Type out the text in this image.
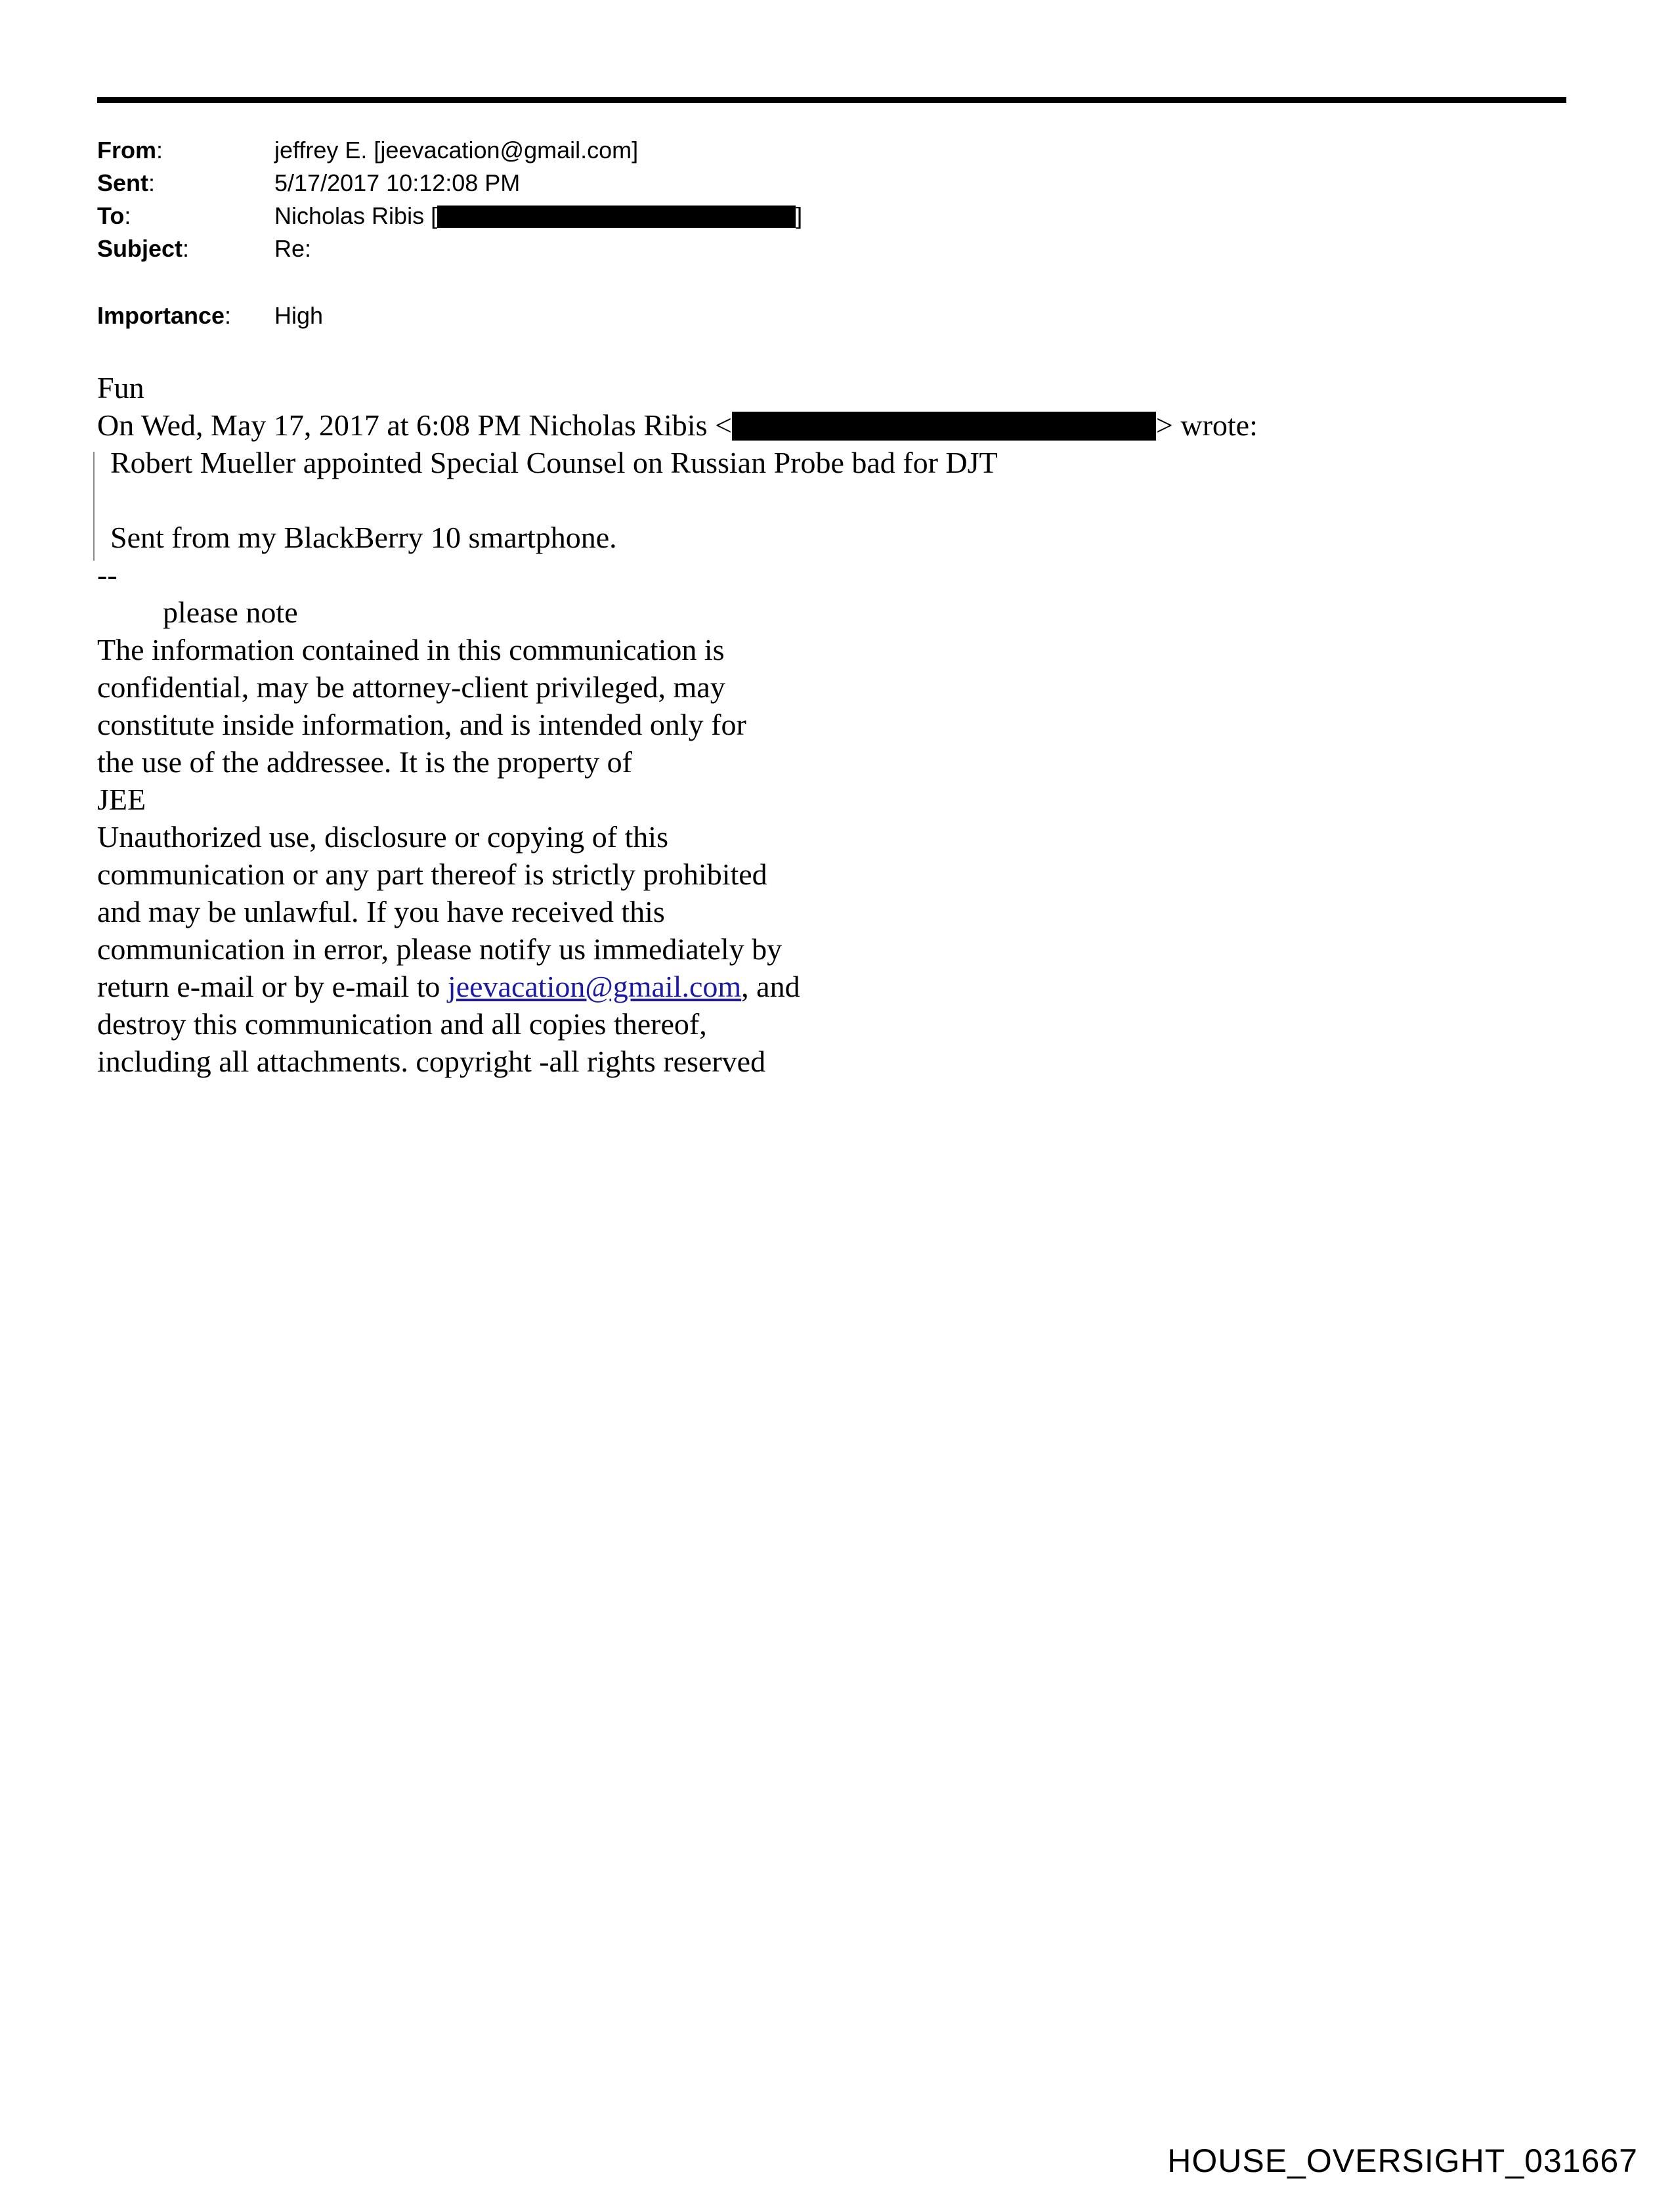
From:	jeffrey E. [jeevacation@gmail.com]
Sent:	5/17/2017 10:12:08 PM
To:	Nicholas Ribis [	]
Subject:	Re:
Importance:	High
Fun
On Wed, May 17, 2017 at 6:08 PM Nicholas Ribis <	> wrote:
Robert Mueller appointed Special Counsel on Russian Probe bad for DJT
Sent from my BlackBerry 10 smartphone.
--
please note
The information contained in this communication is
confidential, may be attorney-client privileged, may
constitute inside information, and is intended only for
the use of the addressee. It is the property of
JEE
Unauthorized use, disclosure or copying of this
communication or any part thereof is strictly prohibited
and may be unlawful. If you have received this
communication in error, please notify us immediately by
return e-mail or by e-mail to jeevacation@gmail.com, and
destroy this communication and all copies thereof,
including all attachments. copyright -all rights reserved
HOUSE_OVERSIGHT_031667
